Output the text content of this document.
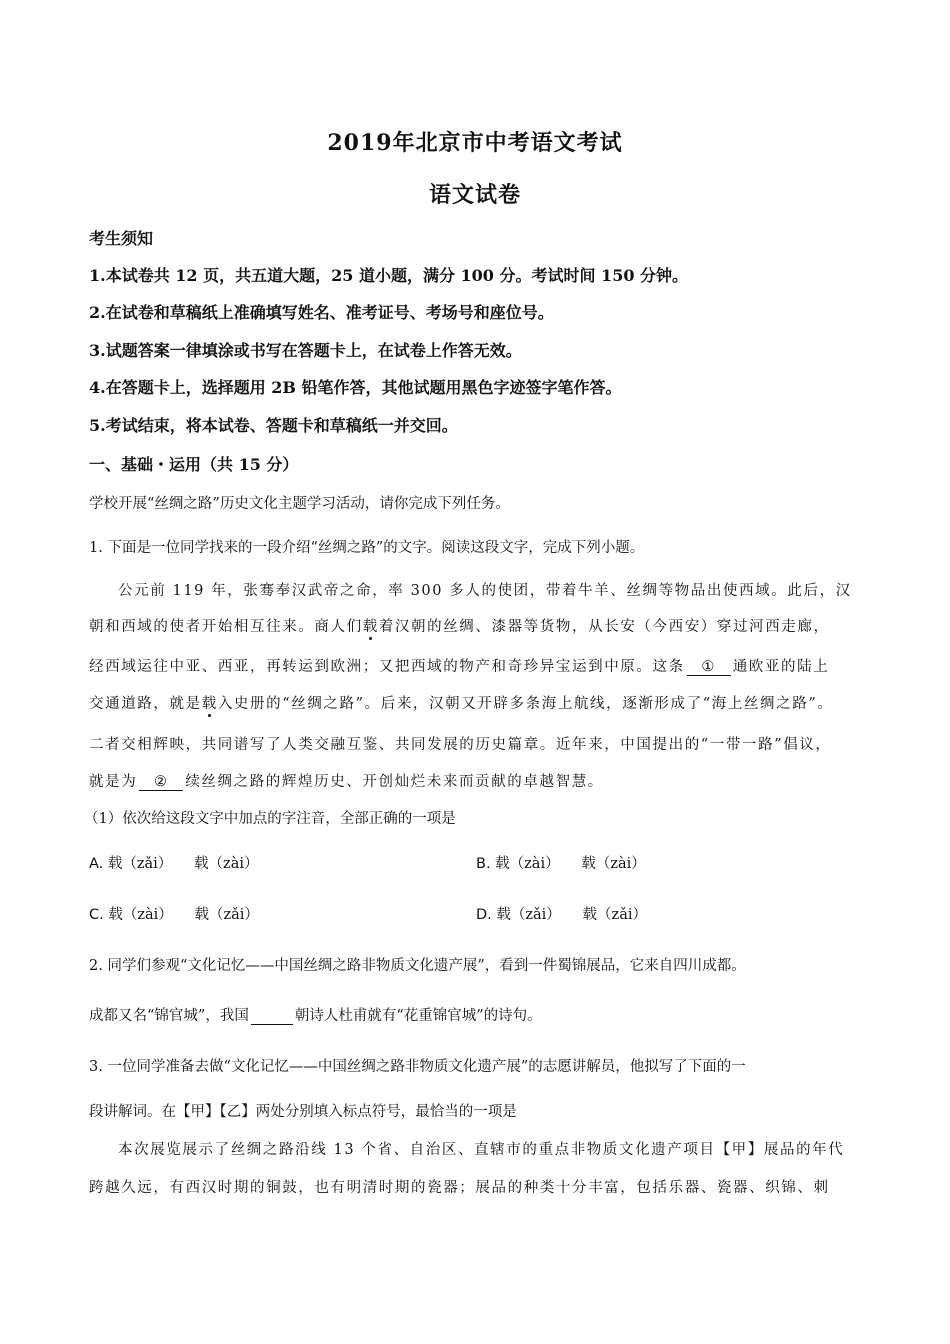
2019年北京市中考语文考试
语文试卷
考生须知
1.本试卷共 12 页，共五道大题，25 道小题，满分 100 分。考试时间 150 分钟。
2.在试卷和草稿纸上准确填写姓名、准考证号、考场号和座位号。
3.试题答案一律填涂或书写在答题卡上，在试卷上作答无效。
4.在答题卡上，选择题用 2B 铅笔作答，其他试题用黑色字迹签字笔作答。
5.考试结束，将本试卷、答题卡和草稿纸一并交回。
一、基础・运用（共 15 分）
学校开展“丝绸之路”历史文化主题学习活动，请你完成下列任务。
1. 下面是一位同学找来的一段介绍“丝绸之路”的文字。阅读这段文字，完成下列小题。
公元前 119 年，张骞奉汉武帝之命，率 300 多人的使团，带着牛羊、丝绸等物品出使西域。此后，汉
朝和西域的使者开始相互往来。商人们载着汉朝的丝绸、漆器等货物，从长安（今西安）穿过河西走廊，
经西域运往中亚、西亚，再转运到欧洲；又把西域的物产和奇珍异宝运到中原。这条 ① 通欧亚的陆上
交通道路，就是载入史册的“丝绸之路”。后来，汉朝又开辟多条海上航线，逐渐形成了“海上丝绸之路”。
二者交相辉映，共同谱写了人类交融互鉴、共同发展的历史篇章。近年来，中国提出的“一带一路”倡议，
就是为 ② 续丝绸之路的辉煌历史、开创灿烂未来而贡献的卓越智慧。
（1）依次给这段文字中加点的字注音，全部正确的一项是
A. 载（zǎi）　　载（zài）	B. 载（zài）　　载（zài）
C. 载（zài）　　载（zǎi）	D. 载（zǎi）　　载（zǎi）
2. 同学们参观“文化记忆——中国丝绸之路非物质文化遗产展”，看到一件蜀锦展品，它来自四川成都。
成都又名“锦官城”，我国	朝诗人杜甫就有“花重锦官城”的诗句。
3. 一位同学准备去做“文化记忆——中国丝绸之路非物质文化遗产展”的志愿讲解员，他拟写了下面的一
段讲解词。在【甲】【乙】两处分别填入标点符号，最恰当的一项是
本次展览展示了丝绸之路沿线 13 个省、自治区、直辖市的重点非物质文化遗产项目【甲】展品的年代
跨越久远，有西汉时期的铜鼓，也有明清时期的瓷器；展品的种类十分丰富，包括乐器、瓷器、织锦、刺
